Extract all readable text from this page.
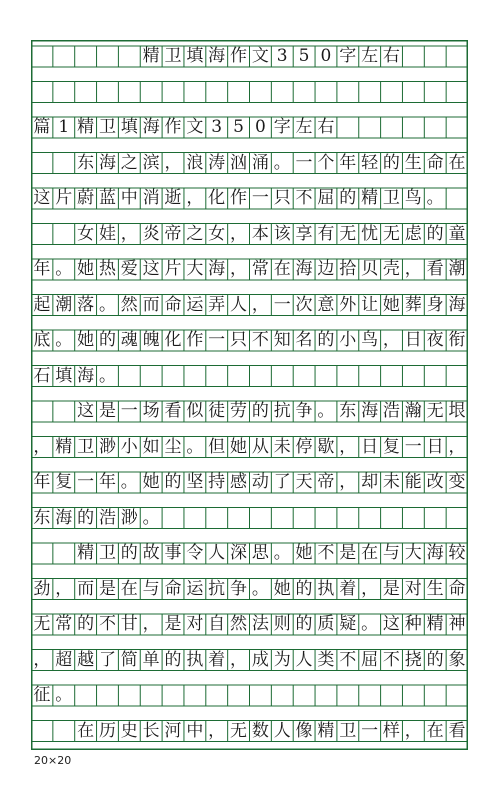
精 卫 填 海 作 文 3 5 0 字 左 右
篇 1 精 卫 填 海 作 文 3 5 0 字 左 右
东 海 之 滨 ， 浪 涛 汹 涌 。 一 个 年 轻 的 生 命 在
这 片 蔚 蓝 中 消 逝 ， 化 作 一 只 不 屈 的 精 卫 鸟 。
女 娃 ， 炎 帝 之 女 ， 本 该 享 有 无 忧 无 虑 的 童
年 。 她 热 爱 这 片 大 海 ， 常 在 海 边 拾 贝 壳 ， 看 潮
起 潮 落 。 然 而 命 运 弄 人 ， 一 次 意 外 让 她 葬 身 海
底 。 她 的 魂 魄 化 作 一 只 不 知 名 的 小 鸟 ， 日 夜 衔
石 填 海 。
这 是 一 场 看 似 徒 劳 的 抗 争 。 东 海 浩 瀚 无 垠
， 精 卫 渺 小 如 尘 。 但 她 从 未 停 歇 ， 日 复 一 日 ，
年 复 一 年 。 她 的 坚 持 感 动 了 天 帝 ， 却 未 能 改 变
东 海 的 浩 渺 。
精 卫 的 故 事 令 人 深 思 。 她 不 是 在 与 大 海 较
劲 ， 而 是 在 与 命 运 抗 争 。 她 的 执 着 ， 是 对 生 命
无 常 的 不 甘 ， 是 对 自 然 法 则 的 质 疑 。 这 种 精 神
， 超 越 了 简 单 的 执 着 ， 成 为 人 类 不 屈 不 挠 的 象
征 。
在 历 史 长 河 中 ， 无 数 人 像 精 卫 一 样 ， 在 看
20×20
